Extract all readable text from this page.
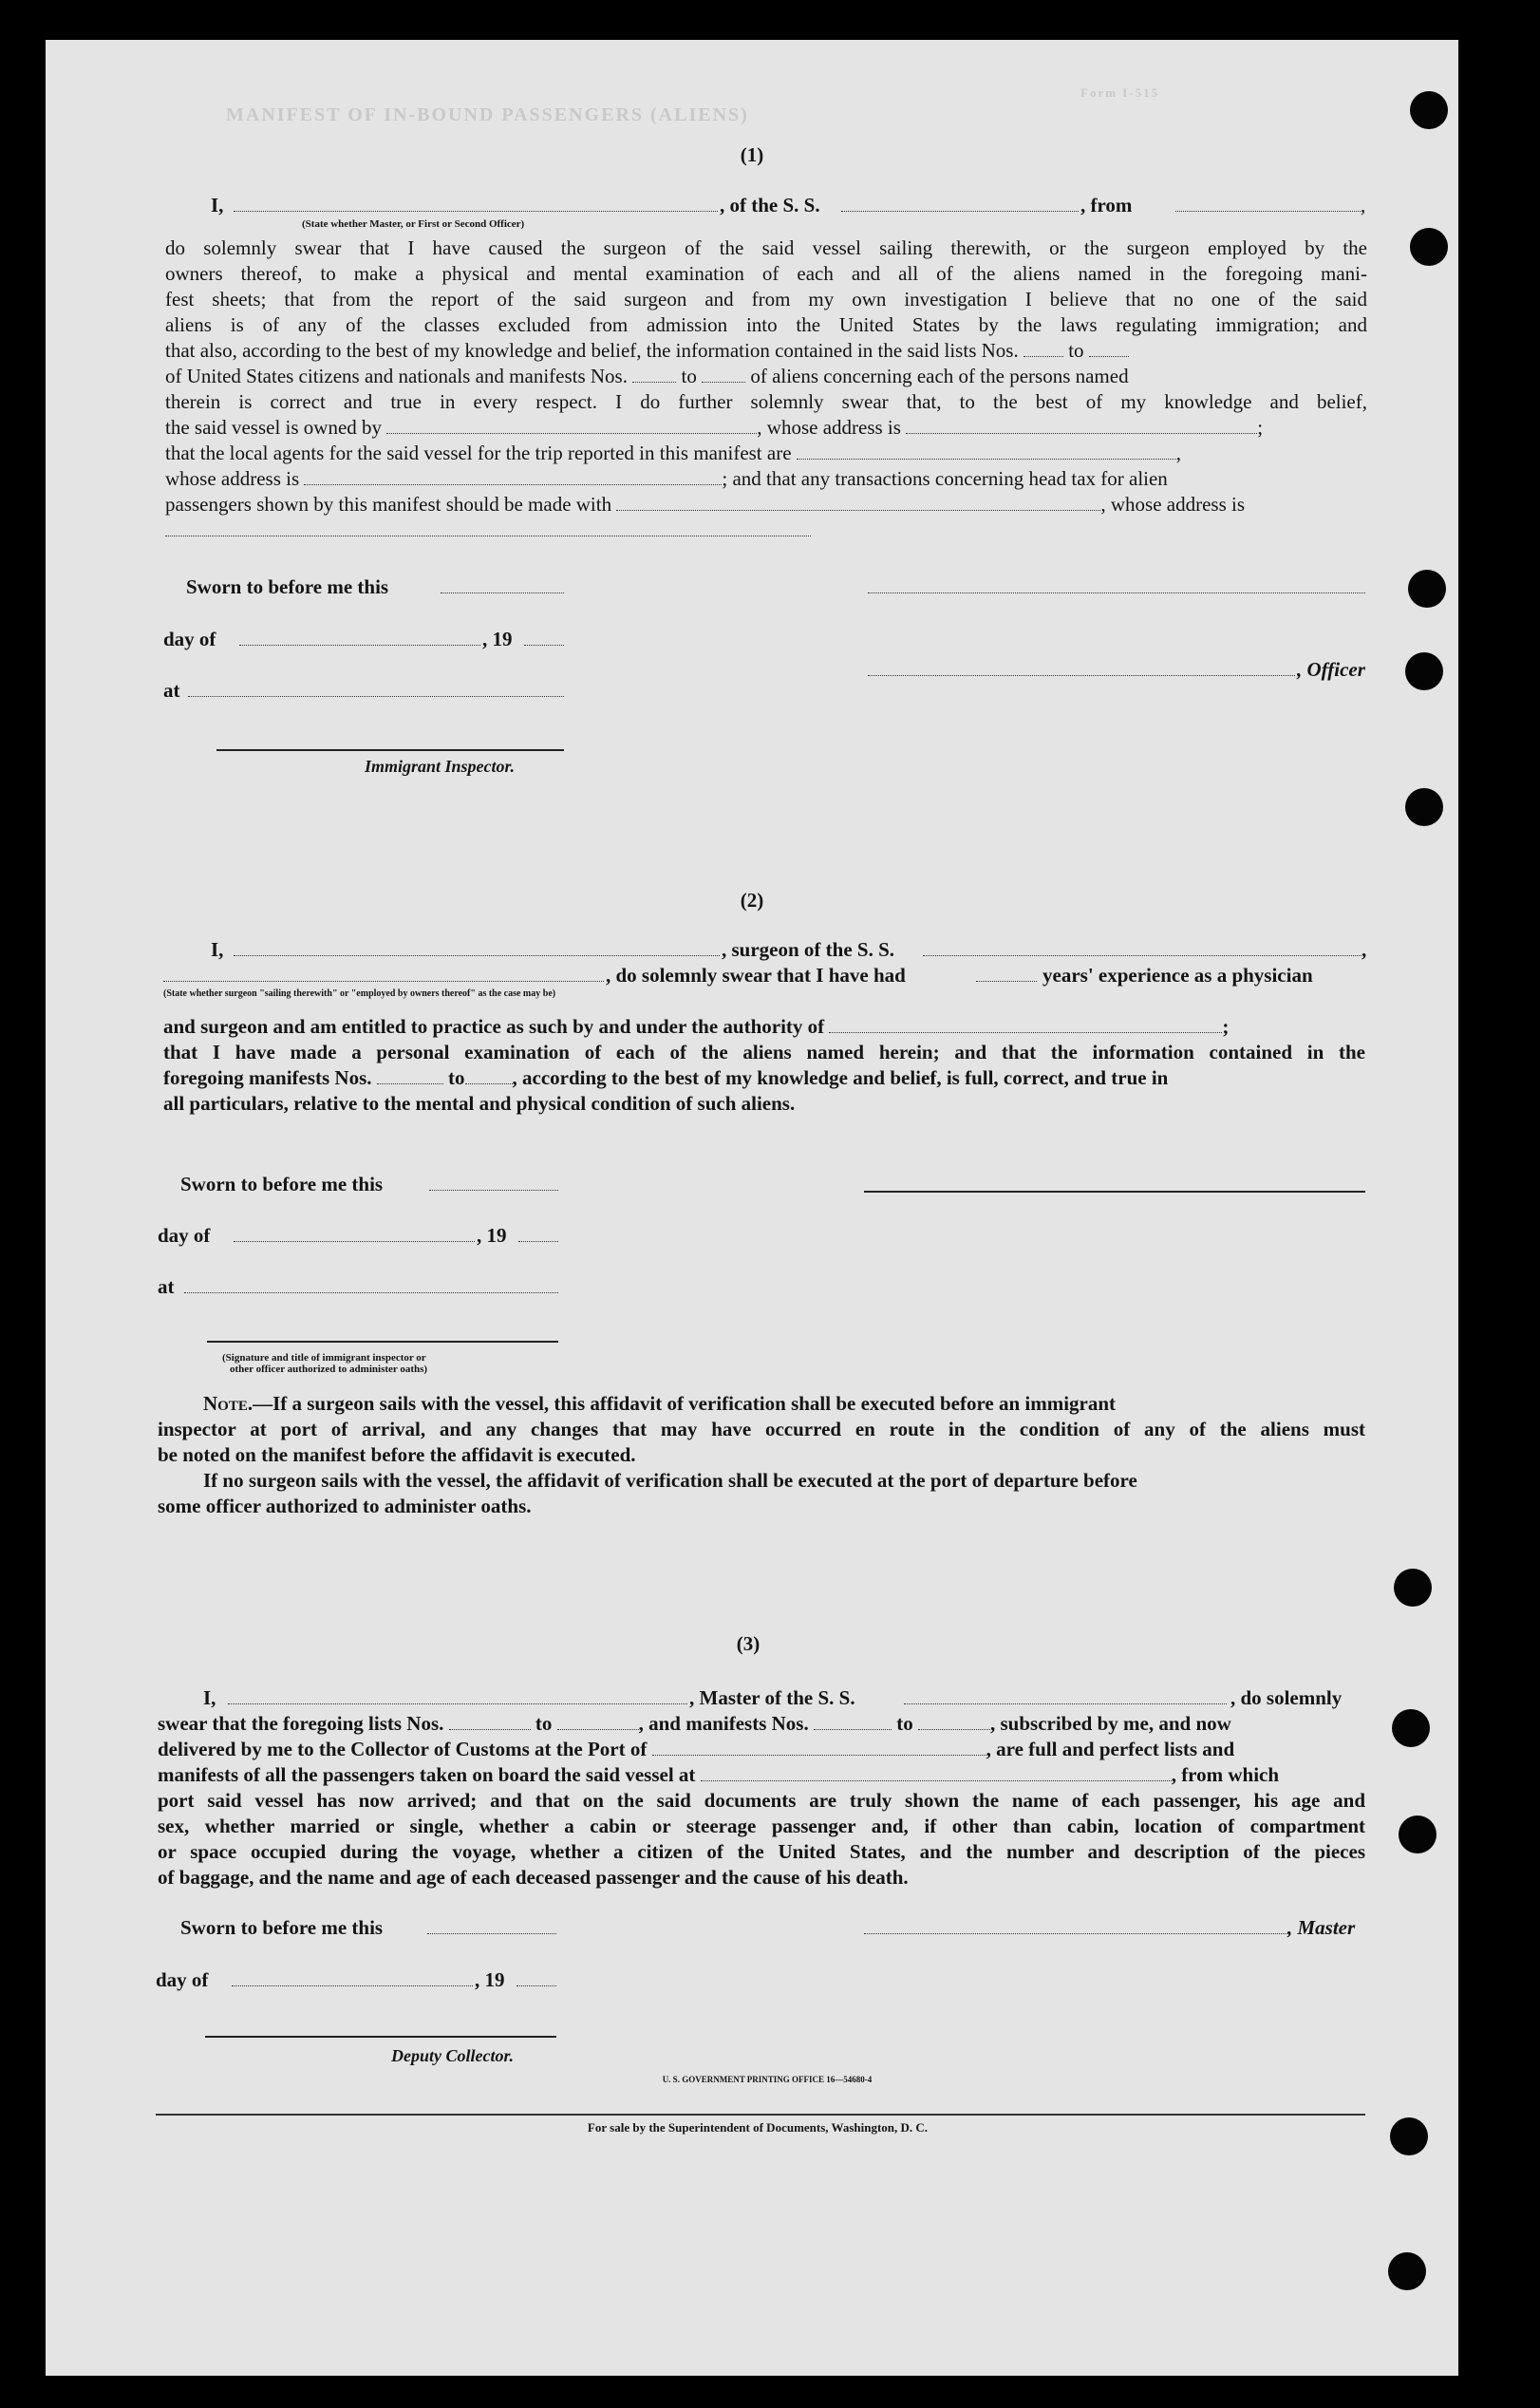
MANIFEST OF IN-BOUND PASSENGERS (ALIENS)
Form I-515
(1)
I,	, of the S. S.	, from	,
(State whether Master, or First or Second Officer)
do solemnly swear that I have caused the surgeon of the said vessel sailing therewith, or the surgeon employed by the
owners thereof, to make a physical and mental examination of each and all of the aliens named in the foregoing mani-
fest sheets; that from the report of the said surgeon and from my own investigation I believe that no one of the said
aliens is of any of the classes excluded from admission into the United States by the laws regulating immigration; and
that also, according to the best of my knowledge and belief, the information contained in the said lists Nos.	to
of United States citizens and nationals and manifests Nos.	to	of aliens concerning each of the persons named
therein is correct and true in every respect. I do further solemnly swear that, to the best of my knowledge and belief,
the said vessel is owned by	, whose address is	;
that the local agents for the said vessel for the trip reported in this manifest are	,
whose address is	; and that any transactions concerning head tax for alien
passengers shown by this manifest should be made with	, whose address is
Sworn to before me this
day of	, 19
, Officer
at
Immigrant Inspector.
(2)
I,	, surgeon of the S. S.	,
, do solemnly swear that I have had	years' experience as a physician
(State whether surgeon "sailing therewith" or "employed by owners thereof" as the case may be)
and surgeon and am entitled to practice as such by and under the authority of	;
that I have made a personal examination of each of the aliens named herein; and that the information contained in the
foregoing manifests Nos.	to , according to the best of my knowledge and belief, is full, correct, and true in
all particulars, relative to the mental and physical condition of such aliens.
Sworn to before me this
day of	, 19
at
(Signature and title of immigrant inspector or
other officer authorized to administer oaths)
Note.—If a surgeon sails with the vessel, this affidavit of verification shall be executed before an immigrant
inspector at port of arrival, and any changes that may have occurred en route in the condition of any of the aliens must
be noted on the manifest before the affidavit is executed.
If no surgeon sails with the vessel, the affidavit of verification shall be executed at the port of departure before
some officer authorized to administer oaths.
(3)
I,	, Master of the S. S.	, do solemnly
swear that the foregoing lists Nos.	to	, and manifests Nos.	to	, subscribed by me, and now
delivered by me to the Collector of Customs at the Port of	, are full and perfect lists and
manifests of all the passengers taken on board the said vessel at	, from which
port said vessel has now arrived; and that on the said documents are truly shown the name of each passenger, his age and
sex, whether married or single, whether a cabin or steerage passenger and, if other than cabin, location of compartment
or space occupied during the voyage, whether a citizen of the United States, and the number and description of the pieces
of baggage, and the name and age of each deceased passenger and the cause of his death.
Sworn to before me this	, Master
day of	, 19
Deputy Collector.
U. S. GOVERNMENT PRINTING OFFICE 16—54680-4
For sale by the Superintendent of Documents, Washington, D. C.
